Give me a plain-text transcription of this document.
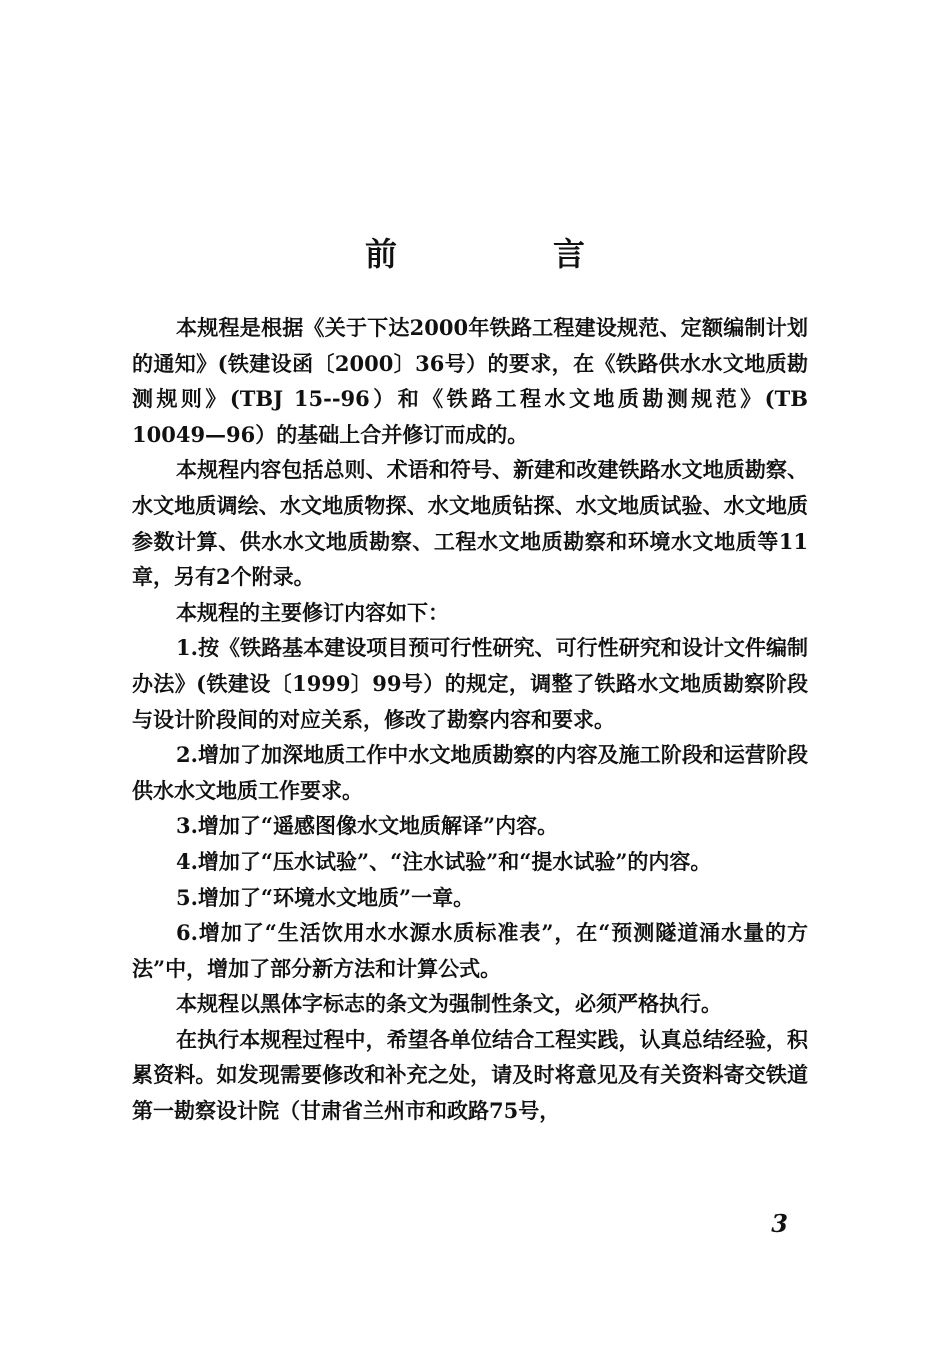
前　言

本规程是根据《关于下达2000年铁路工程建设规范、定额编制计划的通知》(铁建设函〔2000〕36号）的要求，在《铁路供水水文地质勘测规则》(TBJ 15--96）和《铁路工程水文地质勘测规范》(TB 10049—96）的基础上合并修订而成的。

本规程内容包括总则、术语和符号、新建和改建铁路水文地质勘察、水文地质调绘、水文地质物探、水文地质钻探、水文地质试验、水文地质参数计算、供水水文地质勘察、工程水文地质勘察和环境水文地质等11章，另有2个附录。

本规程的主要修订内容如下：

1.按《铁路基本建设项目预可行性研究、可行性研究和设计文件编制办法》(铁建设〔1999〕99号）的规定，调整了铁路水文地质勘察阶段与设计阶段间的对应关系，修改了勘察内容和要求。

2.增加了加深地质工作中水文地质勘察的内容及施工阶段和运营阶段供水水文地质工作要求。

3.增加了“遥感图像水文地质解译”内容。

4.增加了“压水试验”、“注水试验”和“提水试验”的内容。

5.增加了“环境水文地质”一章。

6.增加了“生活饮用水水源水质标准表”，在“预测隧道涌水量的方法”中，增加了部分新方法和计算公式。

本规程以黑体字标志的条文为强制性条文，必须严格执行。

在执行本规程过程中，希望各单位结合工程实践，认真总结经验，积累资料。如发现需要修改和补充之处，请及时将意见及有关资料寄交铁道第一勘察设计院（甘肃省兰州市和政路75号，

3
